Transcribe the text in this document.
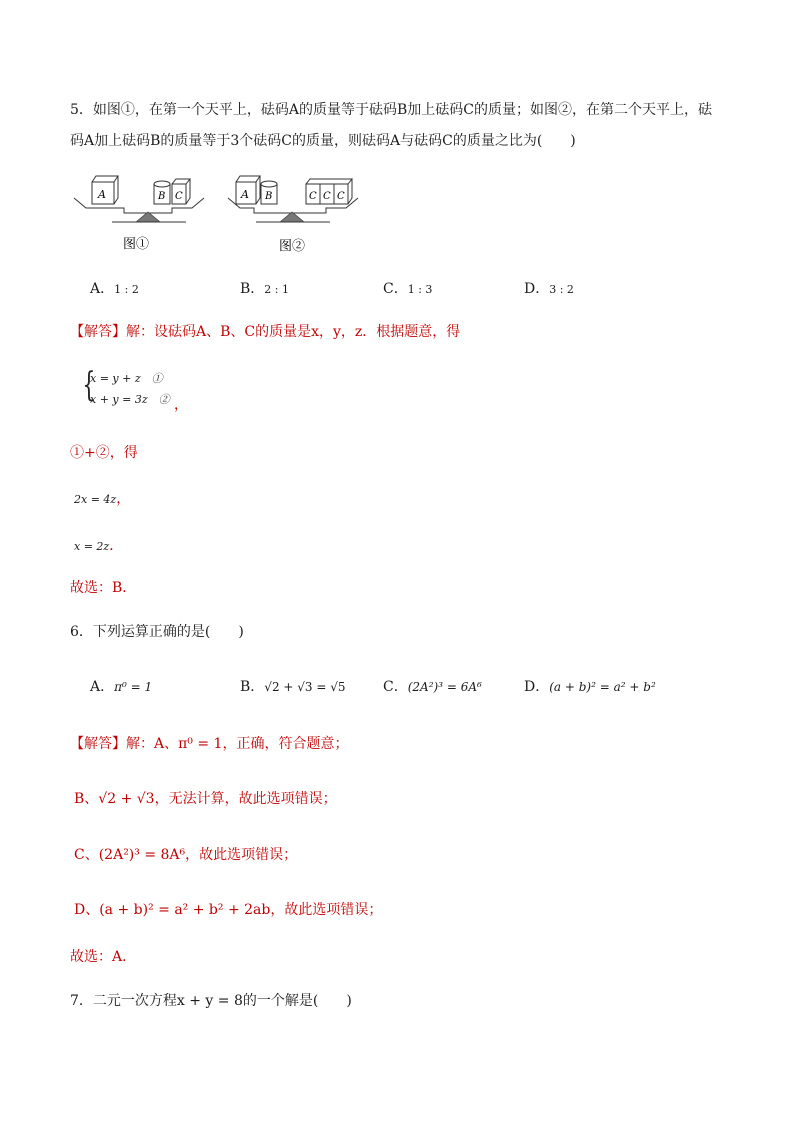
5．如图①，在第一个天平上，砝码A的质量等于砝码B加上砝码C的质量；如图②，在第二个天平上，砝
码A加上砝码B的质量等于3个砝码C的质量，则砝码A与砝码C的质量之比为(　　)
A	B C	A B	C C C
图①	图②
A．1 : 2	B．2 : 1	C．1 : 3	D．3 : 2
【解答】解：设砝码A、B、C的质量是x，y，z．根据题意，得
{
x = y + z　①
x + y = 3z　② ，
①+②，得
2x = 4z，
x = 2z．
故选：B．
6．下列运算正确的是(　　)
A．π⁰ = 1	B．√2 + √3 = √5	C．(2A²)³ = 6A⁶	D．(a + b)² = a² + b²
【解答】解：A、π⁰ = 1，正确，符合题意；
B、√2 + √3，无法计算，故此选项错误；
C、(2A²)³ = 8A⁶，故此选项错误；
D、(a + b)² = a² + b² + 2ab，故此选项错误；
故选：A．
7．二元一次方程x + y = 8的一个解是(　　)
